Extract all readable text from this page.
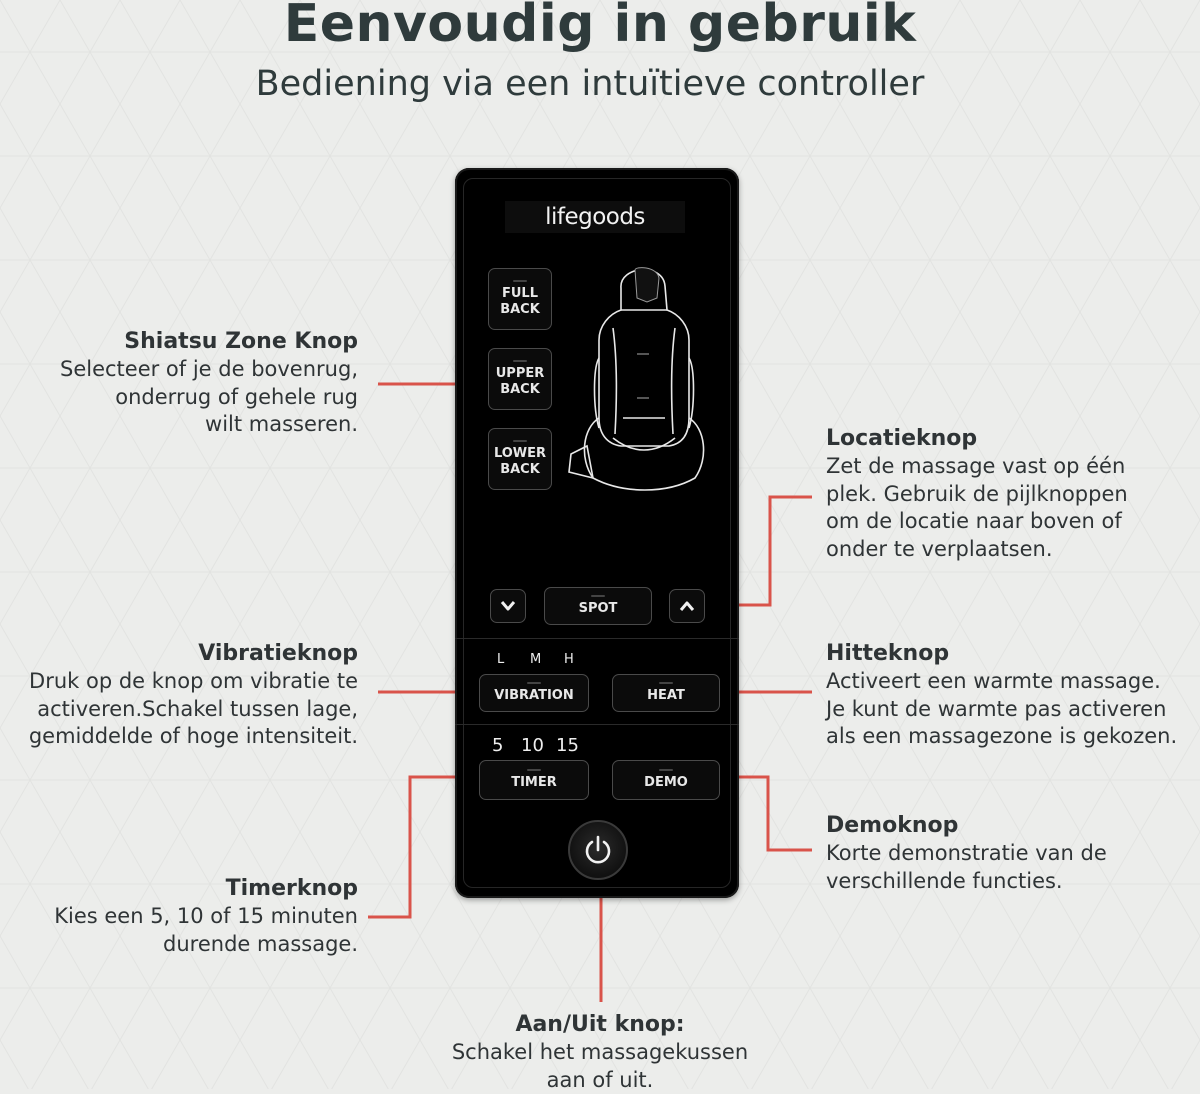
Eenvoudig in gebruik
Bediening via een intuïtieve controller
Shiatsu Zone Knop
Selecteer of je de bovenrug,
onderrug of gehele rug
wilt masseren.
Locatieknop
Zet de massage vast op één
plek. Gebruik de pijlknoppen
om de locatie naar boven of
onder te verplaatsen.
Vibratieknop
Druk op de knop om vibratie te
activeren.Schakel tussen lage,
gemiddelde of hoge intensiteit.
Hitteknop
Activeert een warmte massage.
Je kunt de warmte pas activeren
als een massagezone is gekozen.
Demoknop
Korte demonstratie van de
verschillende functies.
Timerknop
Kies een 5, 10 of 15 minuten
durende massage.
Aan/Uit knop:
Schakel het massagekussen
aan of uit.
lifegoods
FULL
BACK
UPPER
BACK
LOWER
BACK
SPOT
L M H
VIBRATION	HEAT
5 10 15
TIMER	DEMO
